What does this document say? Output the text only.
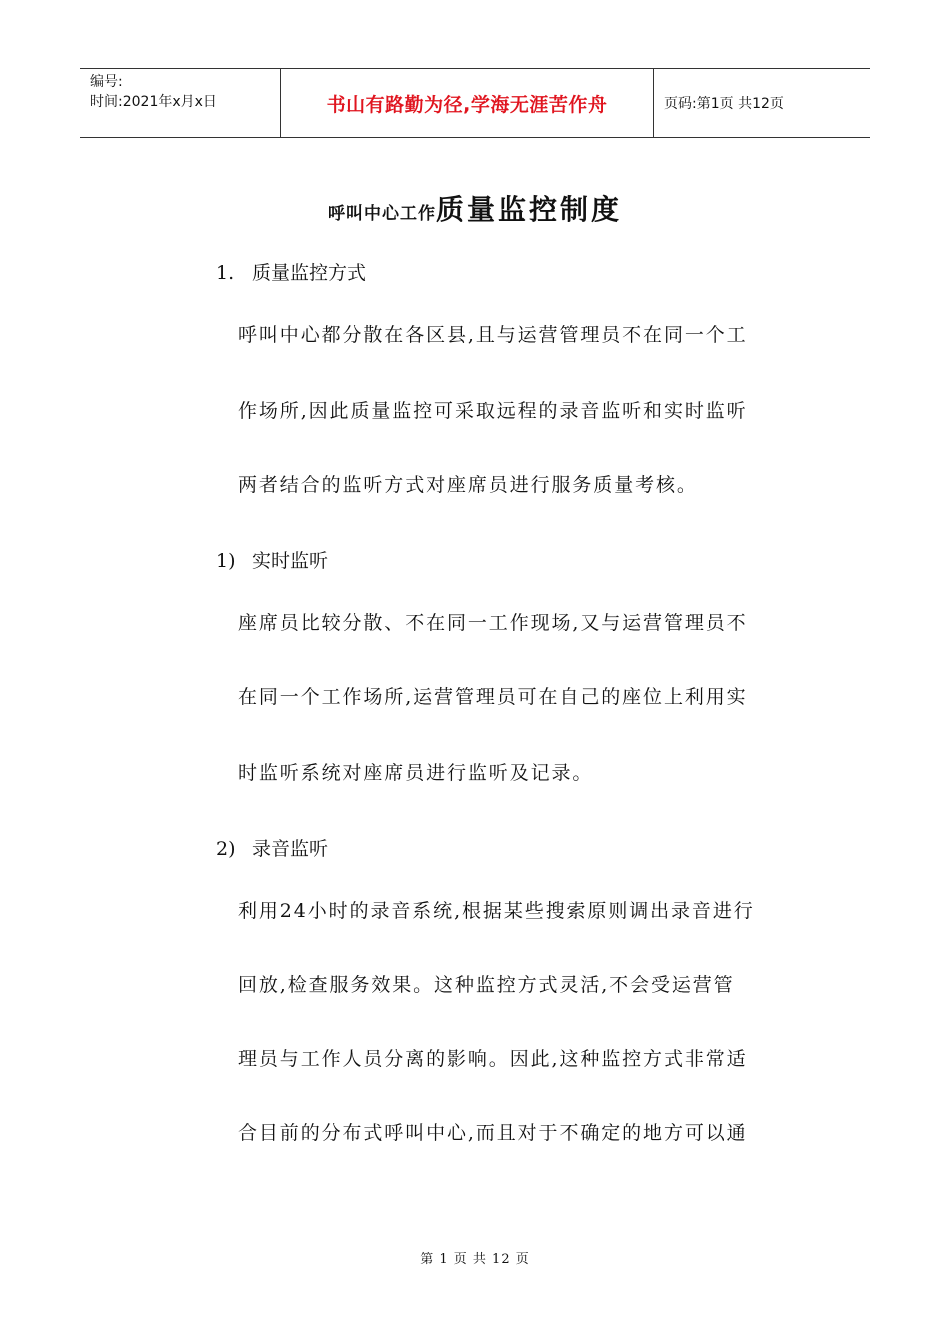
编号:
时间:2021年x月x日	书山有路勤为径,学海无涯苦作舟	页码:第1页 共12页
呼叫中心工作质量监控制度
1. 质量监控方式
呼叫中心都分散在各区县,且与运营管理员不在同一个工
作场所,因此质量监控可采取远程的录音监听和实时监听
两者结合的监听方式对座席员进行服务质量考核。
1) 实时监听
座席员比较分散、不在同一工作现场,又与运营管理员不
在同一个工作场所,运营管理员可在自己的座位上利用实
时监听系统对座席员进行监听及记录。
2) 录音监听
利用24小时的录音系统,根据某些搜索原则调出录音进行
回放,检查服务效果。这种监控方式灵活,不会受运营管
理员与工作人员分离的影响。因此,这种监控方式非常适
合目前的分布式呼叫中心,而且对于不确定的地方可以通
第 1 页 共 12 页
